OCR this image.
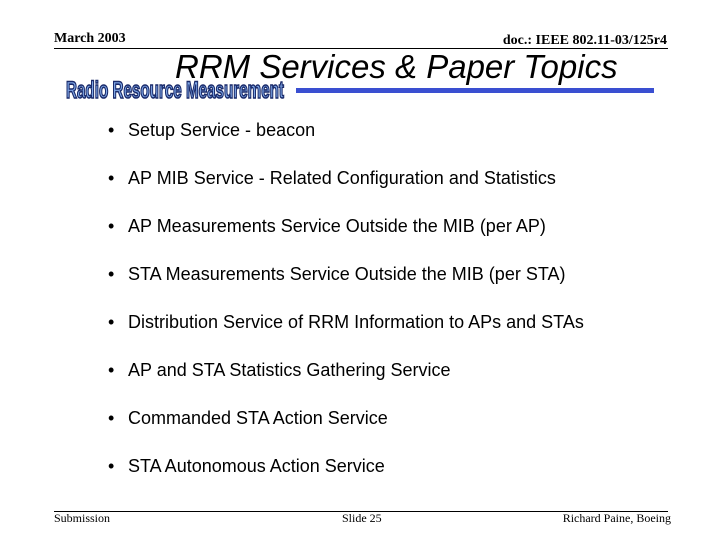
March 2003	doc.: IEEE 802.11-03/125r4
Radio Resource Measurement
RRM Services & Paper Topics
• Setup Service - beacon
• AP MIB Service - Related Configuration and Statistics
• AP Measurements Service Outside the MIB (per AP)
• STA Measurements Service Outside the MIB (per STA)
• Distribution Service of RRM Information to APs and STAs
• AP and STA Statistics Gathering Service
• Commanded STA Action Service
• STA Autonomous Action Service
Submission	Slide 25	Richard Paine, Boeing
